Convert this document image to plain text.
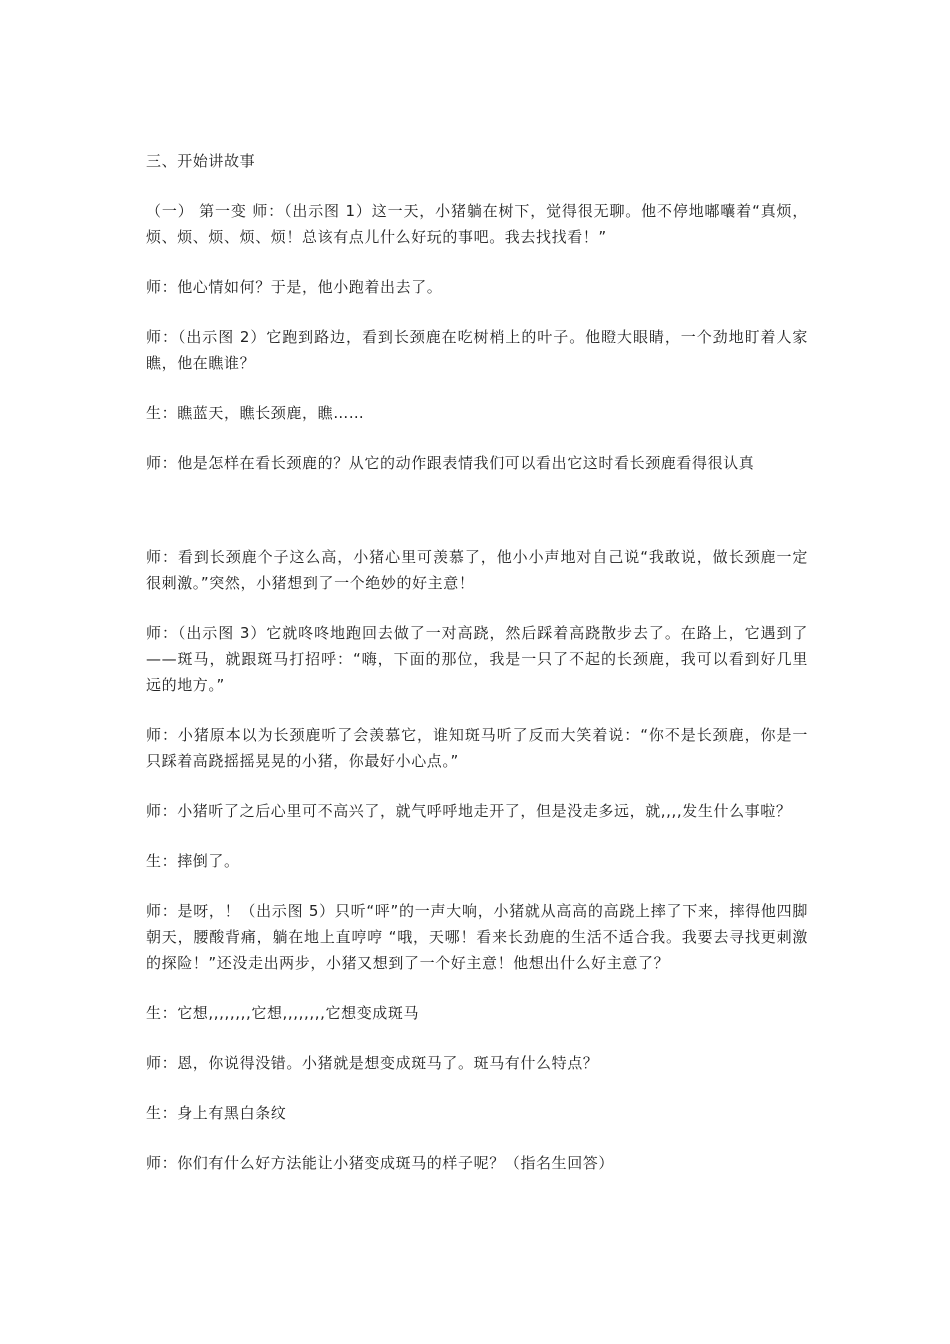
三、开始讲故事

（一） 第一变 师：（出示图 1）这一天，小猪躺在树下，觉得很无聊。他不停地嘟囔着“真烦，烦、烦、烦、烦、烦！总该有点儿什么好玩的事吧。我去找找看！”

师：他心情如何？于是，他小跑着出去了。

师：（出示图 2）它跑到路边，看到长颈鹿在吃树梢上的叶子。他瞪大眼睛，一个劲地盯着人家瞧，他在瞧谁？

生：瞧蓝天，瞧长颈鹿，瞧……

师：他是怎样在看长颈鹿的？从它的动作跟表情我们可以看出它这时看长颈鹿看得很认真

师：看到长颈鹿个子这么高，小猪心里可羡慕了，他小小声地对自己说“我敢说，做长颈鹿一定很刺激。”突然，小猪想到了一个绝妙的好主意！

师：（出示图 3）它就咚咚地跑回去做了一对高跷，然后踩着高跷散步去了。在路上，它遇到了——斑马，就跟斑马打招呼：“嗨，下面的那位，我是一只了不起的长颈鹿，我可以看到好几里远的地方。”

师：小猪原本以为长颈鹿听了会羡慕它，谁知斑马听了反而大笑着说：“你不是长颈鹿，你是一只踩着高跷摇摇晃晃的小猪，你最好小心点。”

师：小猪听了之后心里可不高兴了，就气呼呼地走开了，但是没走多远，就,,,,发生什么事啦？

生：摔倒了。

师：是呀，！（出示图 5）只听“呯”的一声大响，小猪就从高高的高跷上摔了下来，摔得他四脚朝天，腰酸背痛，躺在地上直哼哼 “哦，天哪！看来长劲鹿的生活不适合我。我要去寻找更刺激的探险！”还没走出两步，小猪又想到了一个好主意！他想出什么好主意了？

生：它想,,,,,,,,它想,,,,,,,,它想变成斑马

师：恩，你说得没错。小猪就是想变成斑马了。斑马有什么特点？

生：身上有黑白条纹

师：你们有什么好方法能让小猪变成斑马的样子呢？（指名生回答）
